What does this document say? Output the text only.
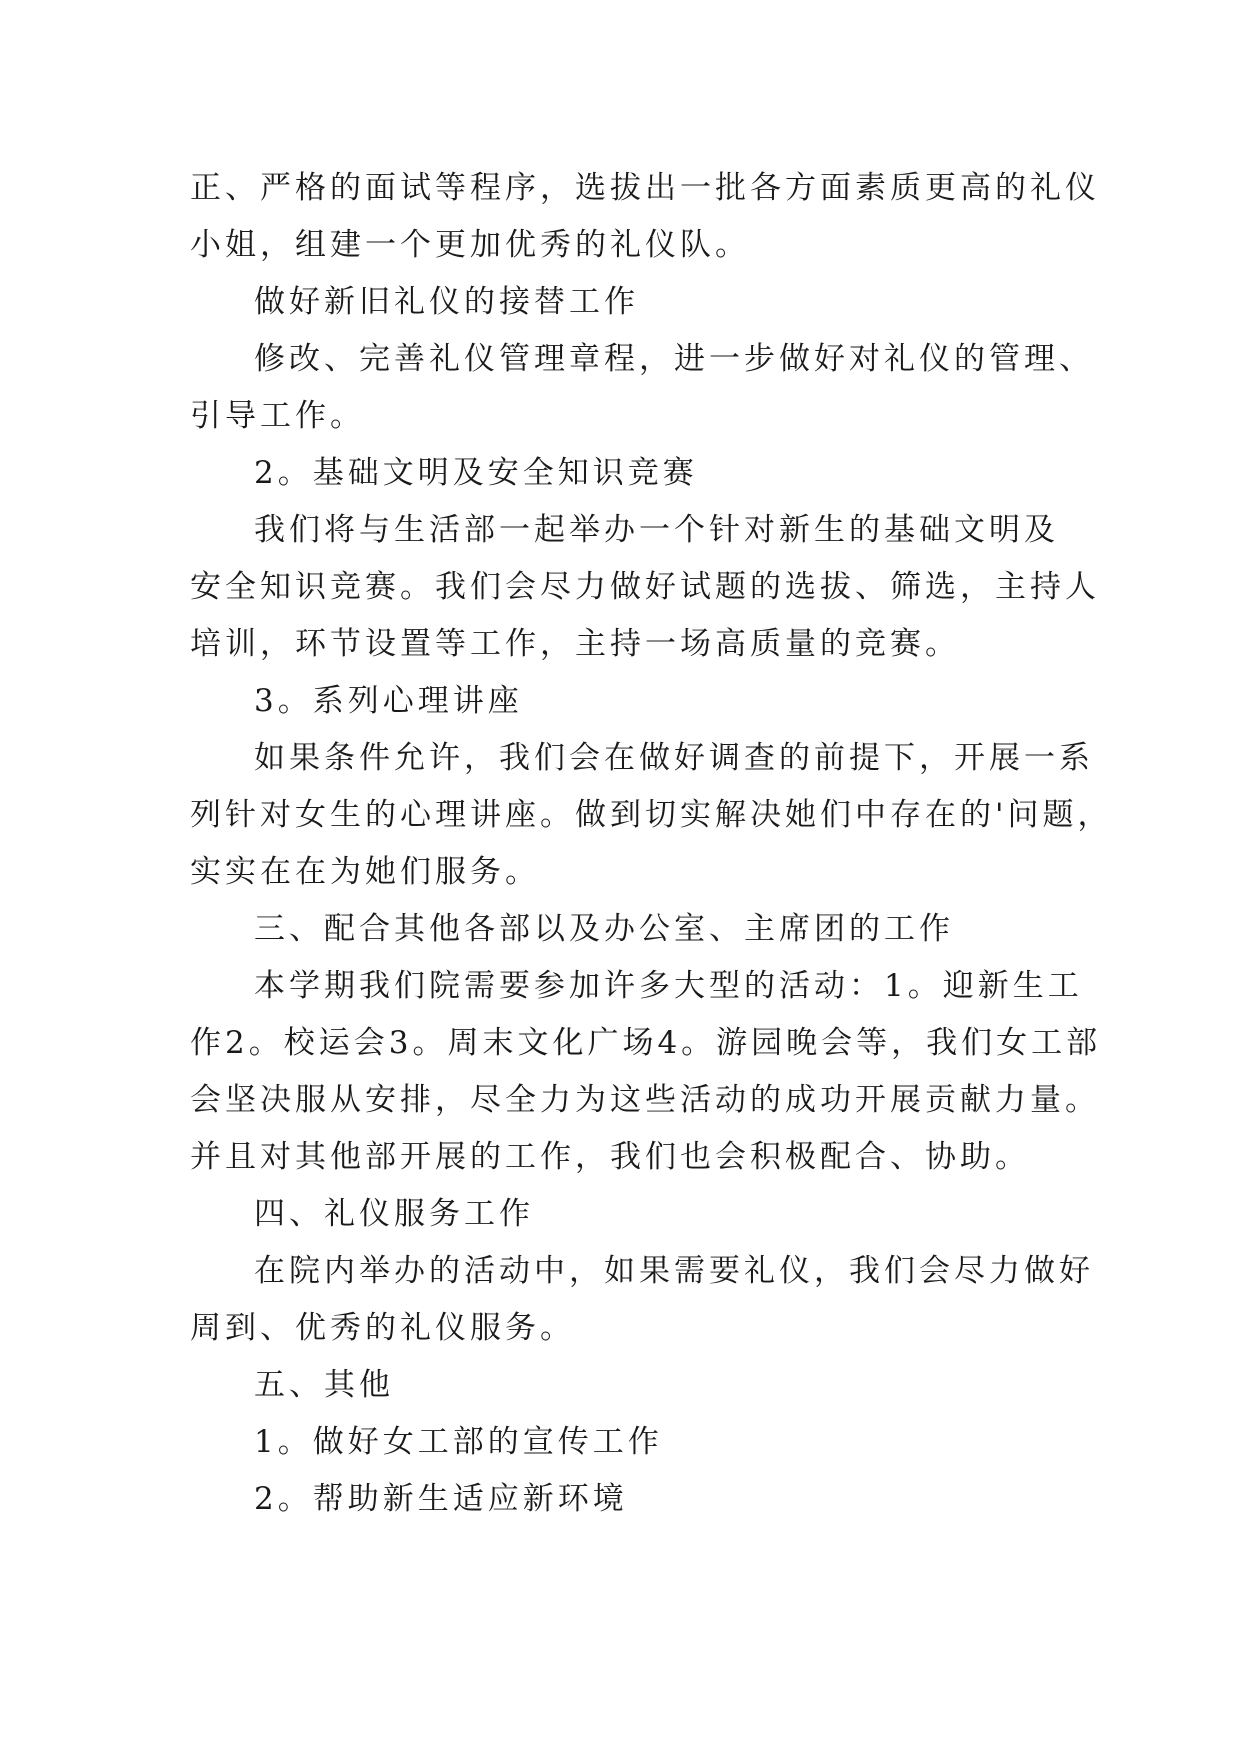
正、严格的面试等程序，选拔出一批各方面素质更高的礼仪
小姐，组建一个更加优秀的礼仪队。
做好新旧礼仪的接替工作
修改、完善礼仪管理章程，进一步做好对礼仪的管理、
引导工作。
2。基础文明及安全知识竞赛
我们将与生活部一起举办一个针对新生的基础文明及
安全知识竞赛。我们会尽力做好试题的选拔、筛选，主持人
培训，环节设置等工作，主持一场高质量的竞赛。
3。系列心理讲座
如果条件允许，我们会在做好调查的前提下，开展一系
列针对女生的心理讲座。做到切实解决她们中存在的'问题，
实实在在为她们服务。
三、配合其他各部以及办公室、主席团的工作
本学期我们院需要参加许多大型的活动：1。迎新生工
作2。校运会3。周末文化广场4。游园晚会等，我们女工部
会坚决服从安排，尽全力为这些活动的成功开展贡献力量。
并且对其他部开展的工作，我们也会积极配合、协助。
四、礼仪服务工作
在院内举办的活动中，如果需要礼仪，我们会尽力做好
周到、优秀的礼仪服务。
五、其他
1。做好女工部的宣传工作
2。帮助新生适应新环境
